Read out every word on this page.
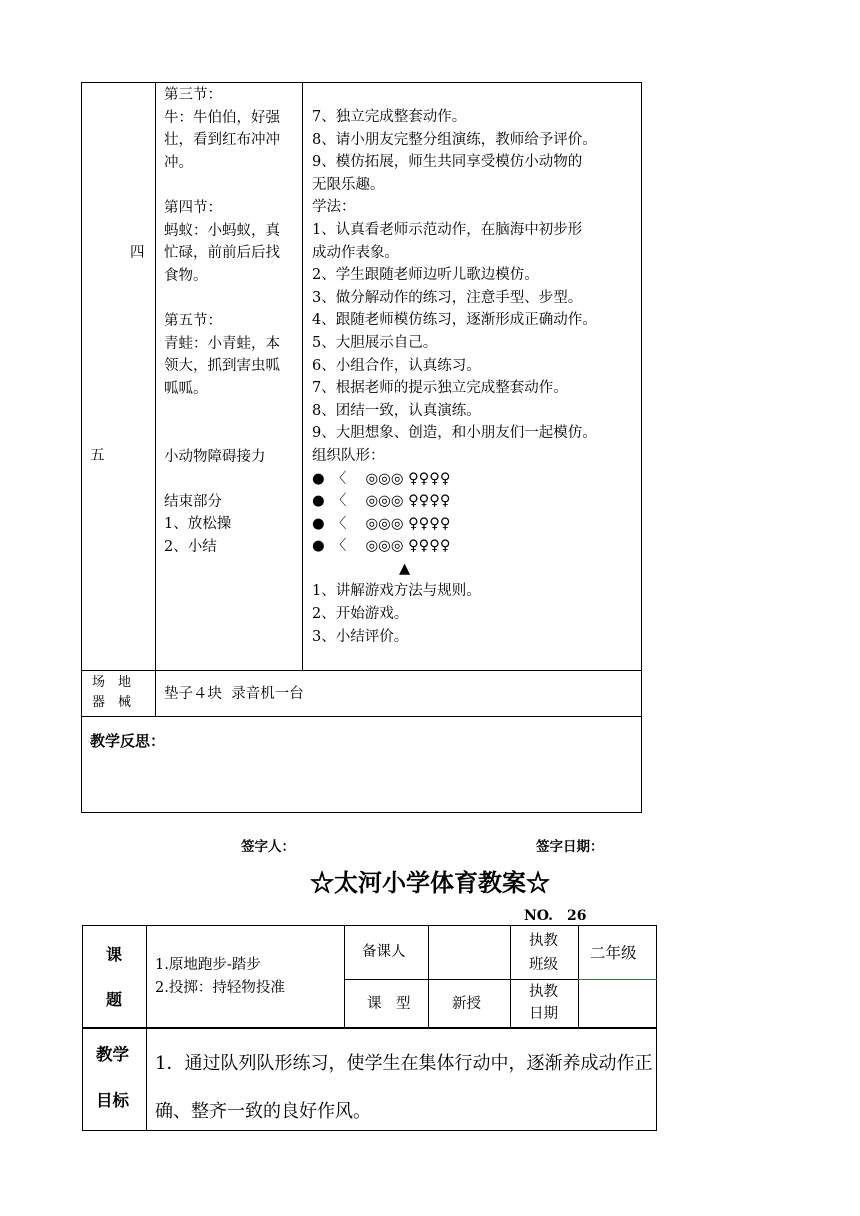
四
五
第三节：
牛：牛伯伯，好强
壮，看到红布冲冲
冲。
第四节：
蚂蚁：小蚂蚁，真
忙碌，前前后后找
食物。
第五节：
青蛙：小青蛙，本
领大，抓到害虫呱
呱呱。
小动物障碍接力
结束部分
1、放松操
2、小结
7、独立完成整套动作。
8、请小朋友完整分组演练，教师给予评价。
9、模仿拓展，师生共同享受模仿小动物的
无限乐趣。
学法：
1、认真看老师示范动作，在脑海中初步形
成动作表象。
2、学生跟随老师边听儿歌边模仿。
3、做分解动作的练习，注意手型、步型。
4、跟随老师模仿练习，逐渐形成正确动作。
5、大胆展示自己。
6、小组合作，认真练习。
7、根据老师的提示独立完成整套动作。
8、团结一致，认真演练。
9、大胆想象、创造，和小朋友们一起模仿。
组织队形：
●　〈　 ◎◎◎ ♀♀♀♀
●　〈　 ◎◎◎ ♀♀♀♀
●　〈　 ◎◎◎ ♀♀♀♀
●　〈　 ◎◎◎ ♀♀♀♀
▲
1、讲解游戏方法与规则。
2、开始游戏。
3、小结评价。
场　地
器　械
垫子４块  录音机一台
教学反思：
签字人：	签字日期：
☆太河小学体育教案☆
NO.　26
课
题
1.原地跑步-踏步
2.投掷：持轻物投准
备课人
执教
班级
二年级
课　型	新授
执教
日期
教学
目标
1．通过队列队形练习，使学生在集体行动中，逐渐养成动作正确、整齐一致的良好作风。
